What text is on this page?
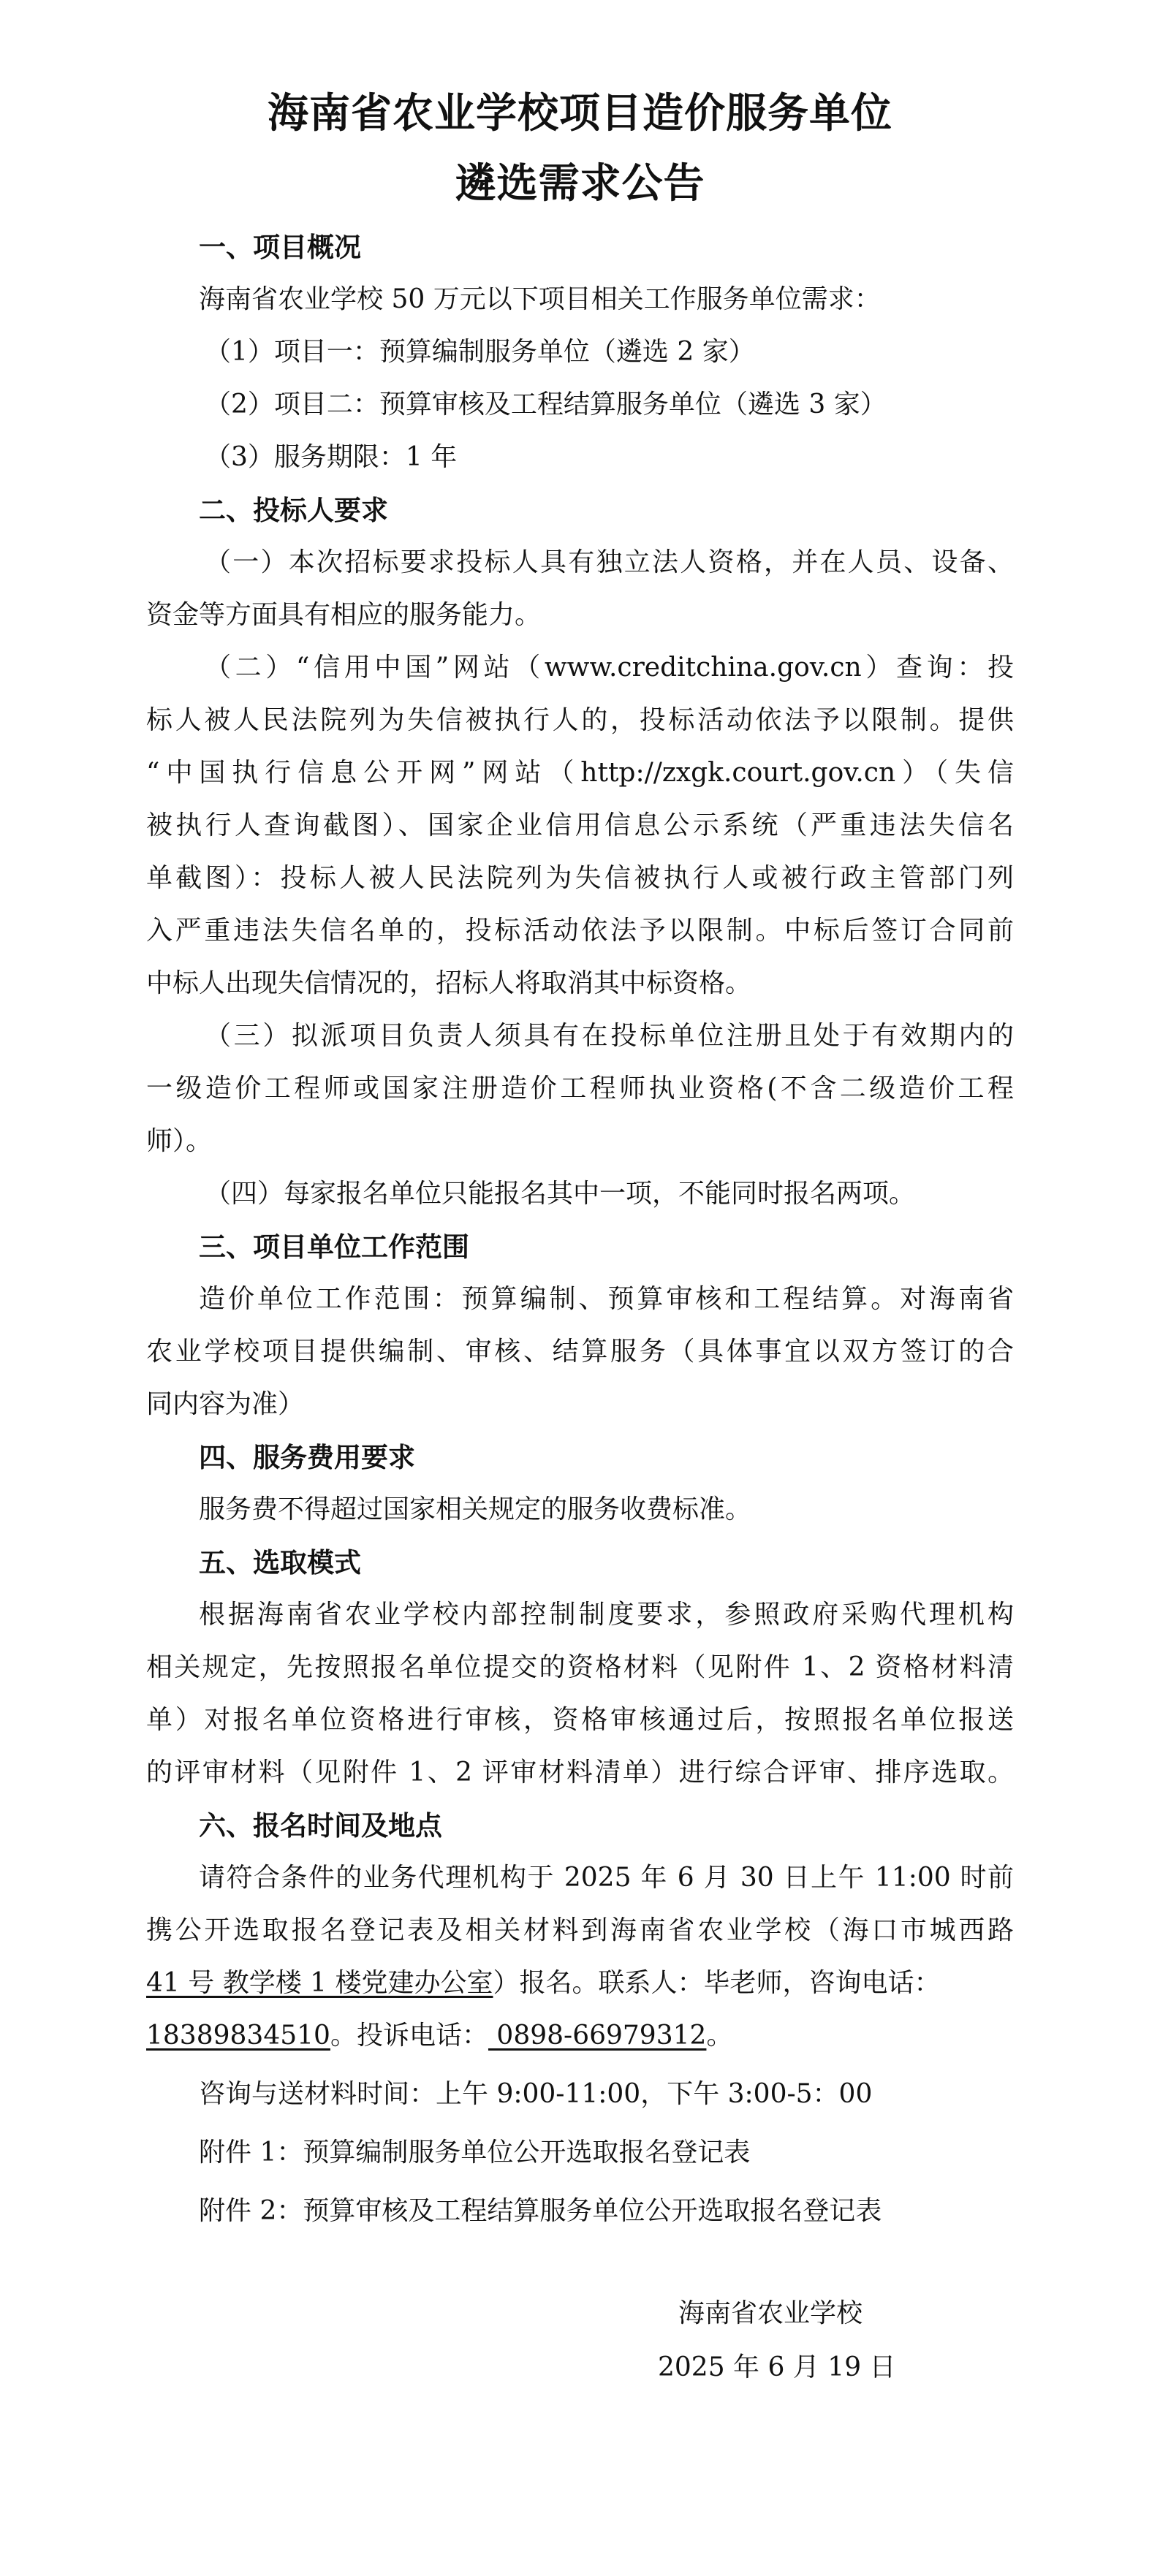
海南省农业学校项目造价服务单位
遴选需求公告
一、项目概况
海南省农业学校 50 万元以下项目相关工作服务单位需求：
（1）项目一：预算编制服务单位（遴选 2 家）
（2）项目二：预算审核及工程结算服务单位（遴选 3 家）
（3）服务期限：1 年
二、投标人要求
（一）本次招标要求投标人具有独立法人资格，并在人员、设备、
资金等方面具有相应的服务能力。
（二）“信用中国”网站（www.creditchina.gov.cn）查询：投
标人被人民法院列为失信被执行人的，投标活动依法予以限制。提供
“中国执行信息公开网”网站（http://zxgk.court.gov.cn）（失信
被执行人查询截图）、国家企业信用信息公示系统（严重违法失信名
单截图）：投标人被人民法院列为失信被执行人或被行政主管部门列
入严重违法失信名单的，投标活动依法予以限制。中标后签订合同前
中标人出现失信情况的，招标人将取消其中标资格。
（三）拟派项目负责人须具有在投标单位注册且处于有效期内的
一级造价工程师或国家注册造价工程师执业资格(不含二级造价工程
师）。
（四）每家报名单位只能报名其中一项，不能同时报名两项。
三、项目单位工作范围
造价单位工作范围：预算编制、预算审核和工程结算。对海南省
农业学校项目提供编制、审核、结算服务（具体事宜以双方签订的合
同内容为准）
四、服务费用要求
服务费不得超过国家相关规定的服务收费标准。
五、选取模式
根据海南省农业学校内部控制制度要求，参照政府采购代理机构
相关规定，先按照报名单位提交的资格材料（见附件 1、2 资格材料清
单）对报名单位资格进行审核，资格审核通过后，按照报名单位报送
的评审材料（见附件 1、2 评审材料清单）进行综合评审、排序选取。
六、报名时间及地点
请符合条件的业务代理机构于 2025 年 6 月 30 日上午 11:00 时前
携公开选取报名登记表及相关材料到海南省农业学校（海口市城西路
41 号 教学楼 1 楼党建办公室）报名。联系人：毕老师，咨询电话：
18389834510。投诉电话： 0898-66979312。
咨询与送材料时间：上午 9:00-11:00，下午 3:00-5：00
附件 1：预算编制服务单位公开选取报名登记表
附件 2：预算审核及工程结算服务单位公开选取报名登记表
海南省农业学校
2025 年 6 月 19 日
